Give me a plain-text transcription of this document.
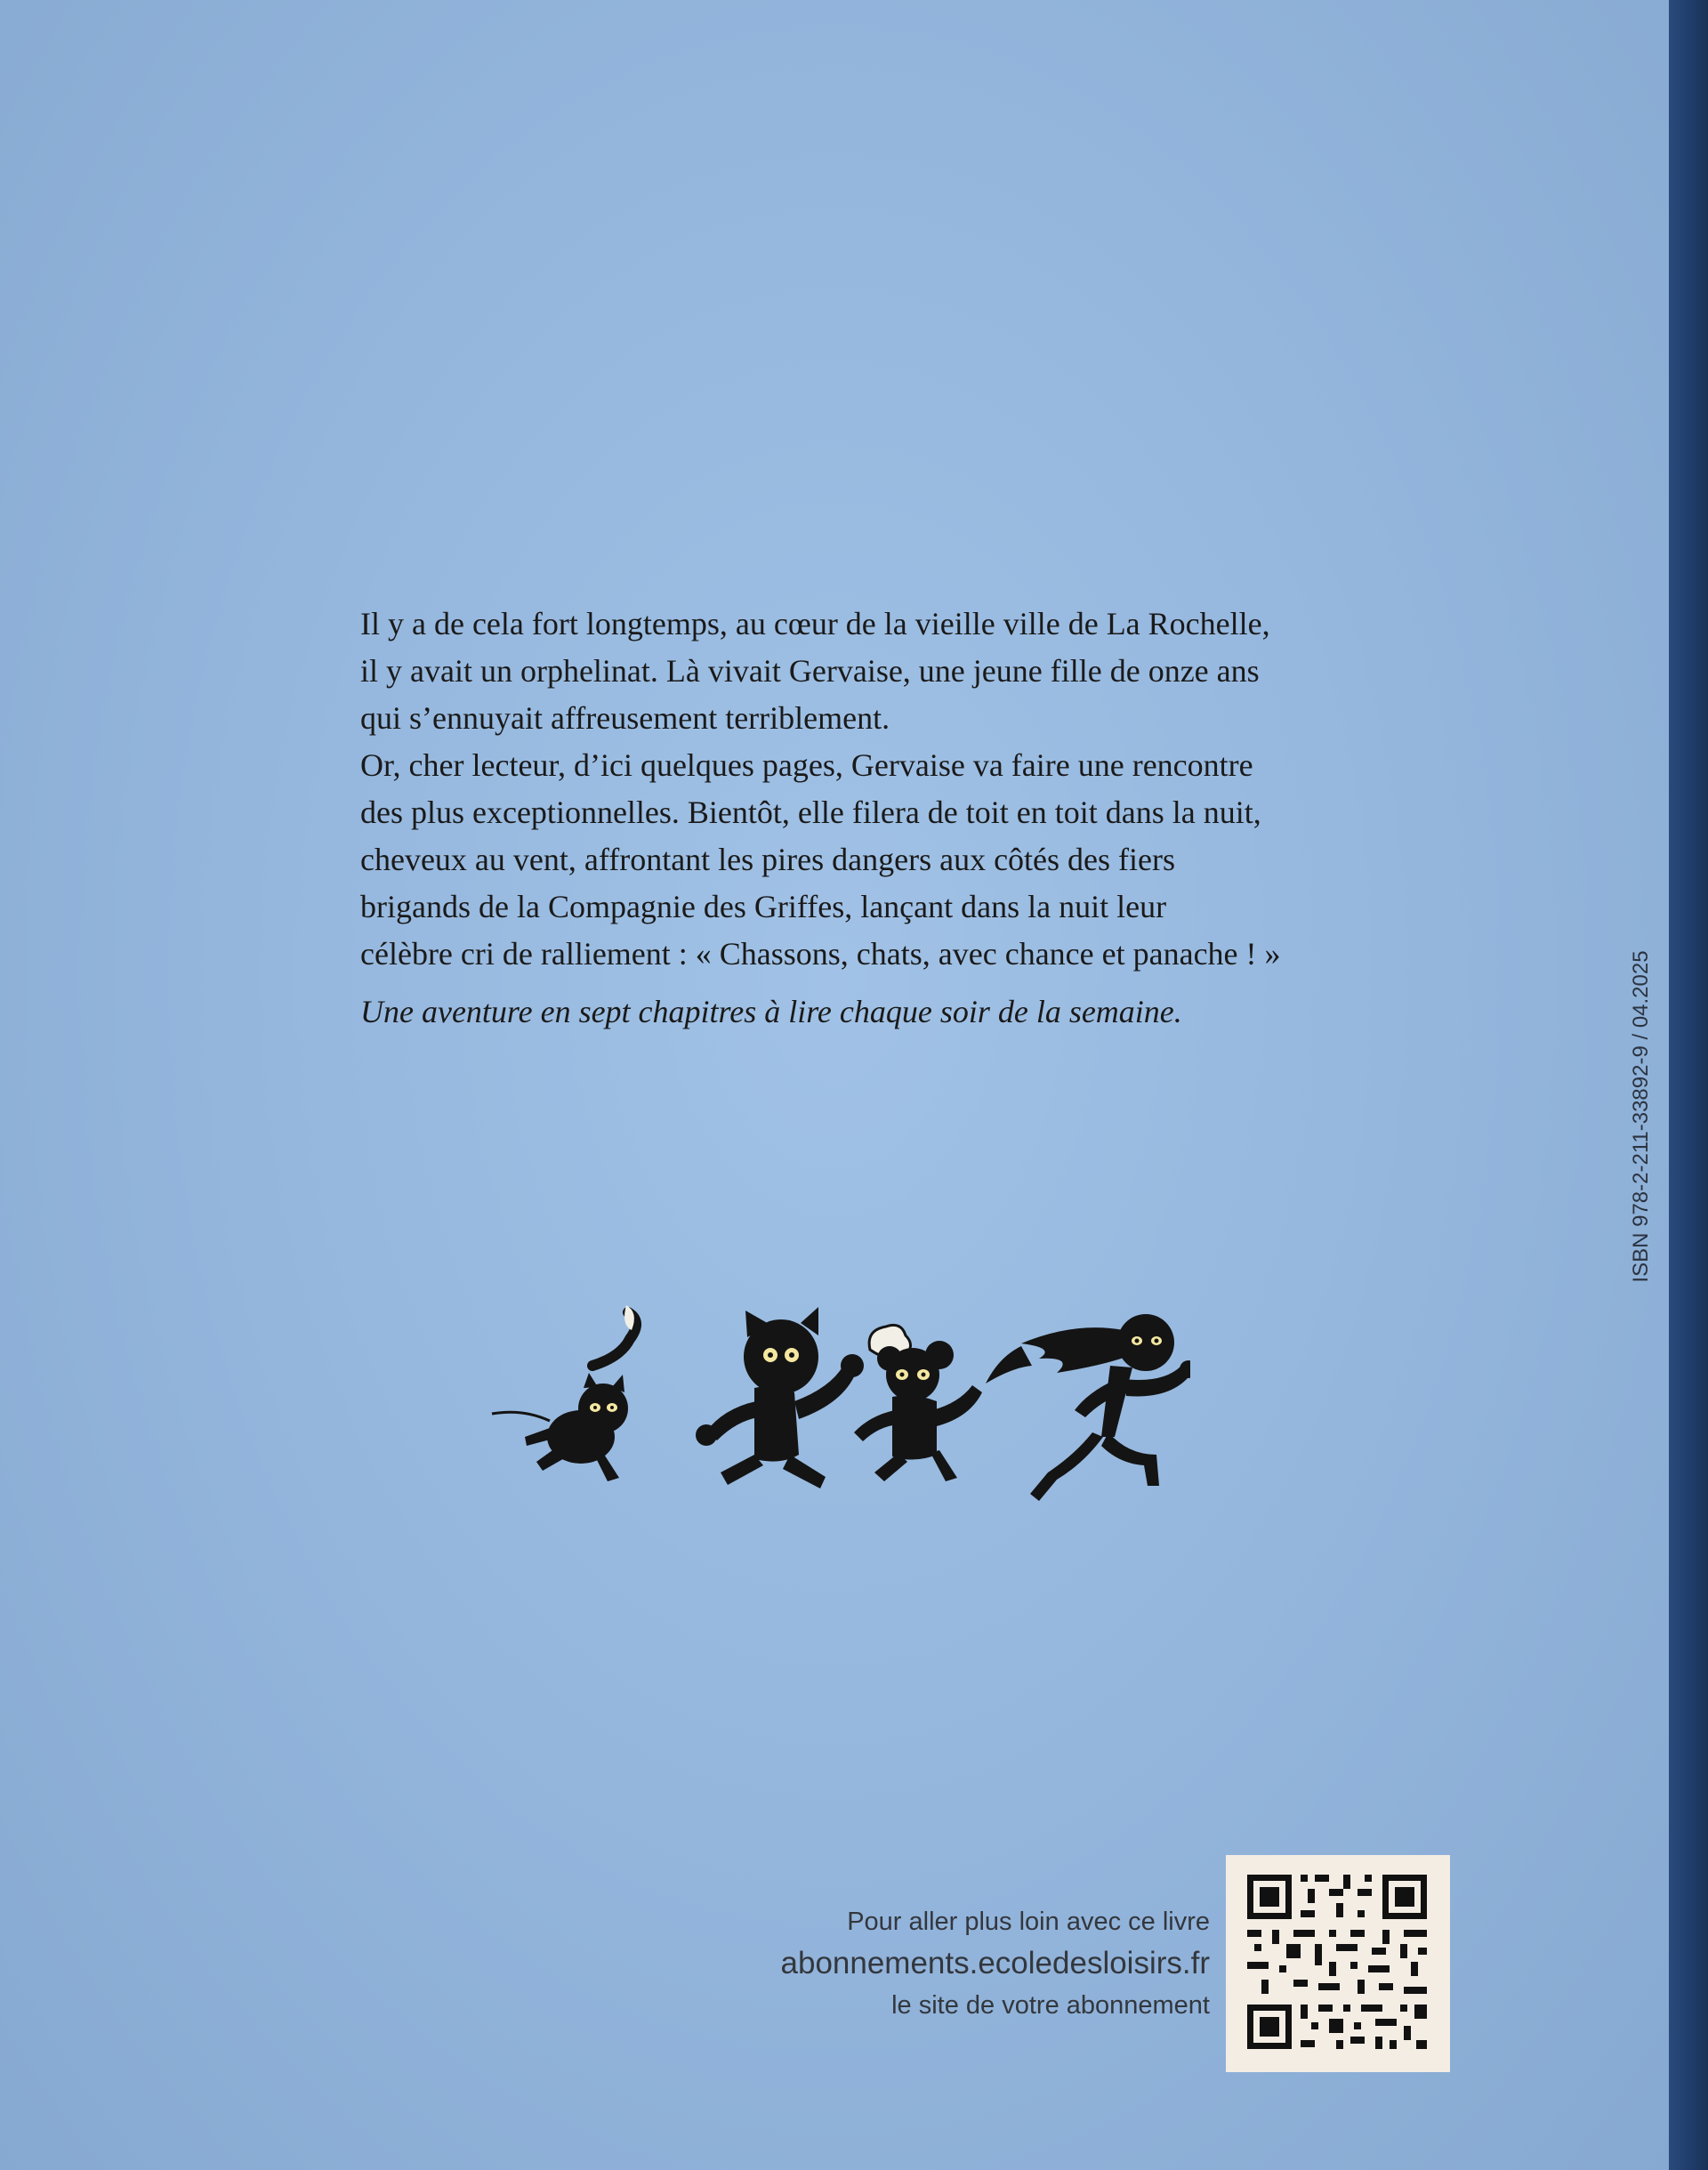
Il y a de cela fort longtemps, au cœur de la vieille ville de La Rochelle,

il y avait un orphelinat. Là vivait Gervaise, une jeune fille de onze ans

qui s’ennuyait affreusement terriblement.

Or, cher lecteur, d’ici quelques pages, Gervaise va faire une rencontre

des plus exceptionnelles. Bientôt, elle filera de toit en toit dans la nuit,

cheveux au vent, affrontant les pires dangers aux côtés des fiers

brigands de la Compagnie des Griffes, lançant dans la nuit leur

célèbre cri de ralliement : « Chassons, chats, avec chance et panache ! »

Une aventure en sept chapitres à lire chaque soir de la semaine.	ISBN 978-2-211-33892-9 / 04.2025
Pour aller plus loin avec ce livre
abonnements.ecoledesloisirs.fr
le site de votre abonnement
